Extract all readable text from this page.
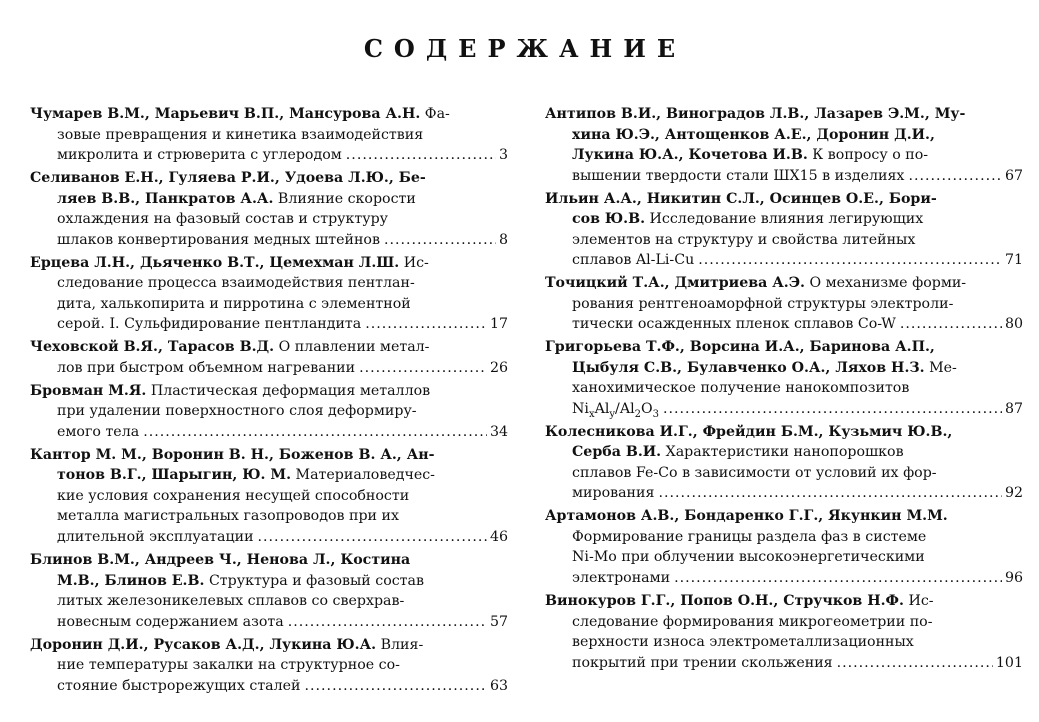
СОДЕРЖАНИЕ
Чумарев В.М., Марьевич В.П., Мансурова А.Н. Фа-
зовые превращения и кинетика взаимодействия
микролита и стрюверита с углеродом .....	3
Селиванов Е.Н., Гуляева Р.И., Удоева Л.Ю., Бе-
ляев В.В., Панкратов А.А. Влияние скорости
охлаждения на фазовый состав и структуру
шлаков конвертирования медных штейнов .....	8
Ерцева Л.Н., Дьяченко В.Т., Цемехман Л.Ш. Ис-
следование процесса взаимодействия пентлан-
дита, халькопирита и пирротина с элементной
серой. I. Сульфидирование пентландита .....	17
Чеховской В.Я., Тарасов В.Д. О плавлении метал-
лов при быстром объемном нагревании .....	26
Бровман М.Я. Пластическая деформация металлов
при удалении поверхностного слоя деформиру-
емого тела .....	34
Кантор М. М., Воронин В. Н., Боженов В. А., Ан-
тонов В.Г., Шарыгин, Ю. М. Материаловедчес-
кие условия сохранения несущей способности
металла магистральных газопроводов при их
длительной эксплуатации .....	46
Блинов В.М., Андреев Ч., Ненова Л., Костина
М.В., Блинов Е.В. Структура и фазовый состав
литых железоникелевых сплавов со сверхрав-
новесным содержанием азота .....	57
Доронин Д.И., Русаков А.Д., Лукина Ю.А. Влия-
ние температуры закалки на структурное со-
стояние быстрорежущих сталей .....	63
Антипов В.И., Виноградов Л.В., Лазарев Э.М., Му-
хина Ю.Э., Антощенков А.Е., Доронин Д.И.,
Лукина Ю.А., Кочетова И.В. К вопросу о по-
вышении твердости стали ШХ15 в изделиях .....	67
Ильин А.А., Никитин С.Л., Осинцев О.Е., Бори-
сов Ю.В. Исследование влияния легирующих
элементов на структуру и свойства литейных
сплавов Al-Li-Cu .....	71
Точицкий Т.А., Дмитриева А.Э. О механизме форми-
рования рентгеноаморфной структуры электроли-
тически осажденных пленок сплавов Co-W .....	80
Григорьева Т.Ф., Ворсина И.А., Баринова А.П.,
Цыбуля С.В., Булавченко О.А., Ляхов Н.З. Ме-
ханохимическое получение нанокомпозитов
$Ni_xAl_y/Al_2O_3$ .....	87
Колесникова И.Г., Фрейдин Б.М., Кузьмич Ю.В.,
Серба В.И. Характеристики нанопорошков
сплавов Fe-Co в зависимости от условий их фор-
мирования .....	92
Артамонов А.В., Бондаренко Г.Г., Якункин М.М.
Формирование границы раздела фаз в системе
Ni-Mo при облучении высокоэнергетическими
электронами .....	96
Винокуров Г.Г., Попов О.Н., Стручков Н.Ф. Ис-
следование формирования микрогеометрии по-
верхности износа электрометаллизационных
покрытий при трении скольжения .....	101
